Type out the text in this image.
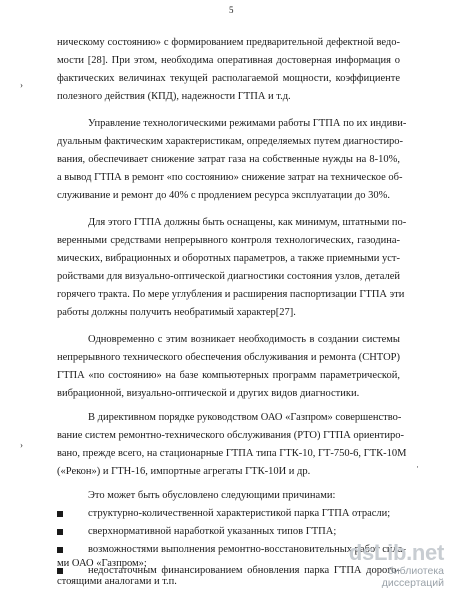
5
›
›
·
ническому состоянию» с формированием предварительной дефектной ведо-
мости [28]. При этом, необходима оперативная достоверная информация о
фактических величинах текущей располагаемой мощности, коэффициенте
полезного действия (КПД), надежности ГТПА и т.д.
Управление технологическими режимами работы ГТПА по их индиви-
дуальным фактическим характеристикам, определяемых путем диагностиро-
вания, обеспечивает снижение затрат газа на собственные нужды на 8-10%,
а вывод ГТПА в ремонт «по состоянию» снижение затрат на техническое об-
служивание и ремонт до 40% с продлением ресурса эксплуатации до 30%.
Для этого ГТПА должны быть оснащены, как минимум, штатными по-
веренными средствами непрерывного контроля технологических, газодина-
мических, вибрационных и оборотных параметров, а также приемными уст-
ройствами для визуально-оптической диагностики состояния узлов, деталей
горячего тракта. По мере углубления и расширения паспортизации ГТПА эти
работы должны получить необратимый характер[27].
Одновременно с этим возникает необходимость в создании системы
непрерывного технического обеспечения обслуживания и ремонта (СНТОР)
ГТПА «по состоянию» на базе компьютерных программ параметрической,
вибрационной, визуально-оптической и других видов диагностики.
В директивном порядке руководством ОАО «Газпром» совершенство-
вание систем ремонтно-технического обслуживания (РТО) ГТПА ориентиро-
вано, прежде всего, на стационарные ГТПА типа ГТК-10, ГТ-750-6, ГТК-10М
(«Рекон») и ГТН-16, импортные агрегаты ГТК-10И и др.
Это может быть обусловлено следующими причинами:
структурно-количественной характеристикой парка ГТПА отрасли;
сверхнормативной наработкой указанных типов ГТПА;
возможностями выполнения ремонтно-восстановительных работ сила-
недостаточным финансированием обновления парка ГТПА дорого-
ми ОАО «Газпром»;
стоящими аналогами и т.п.
dsLib.net
библиотека диссертаций
